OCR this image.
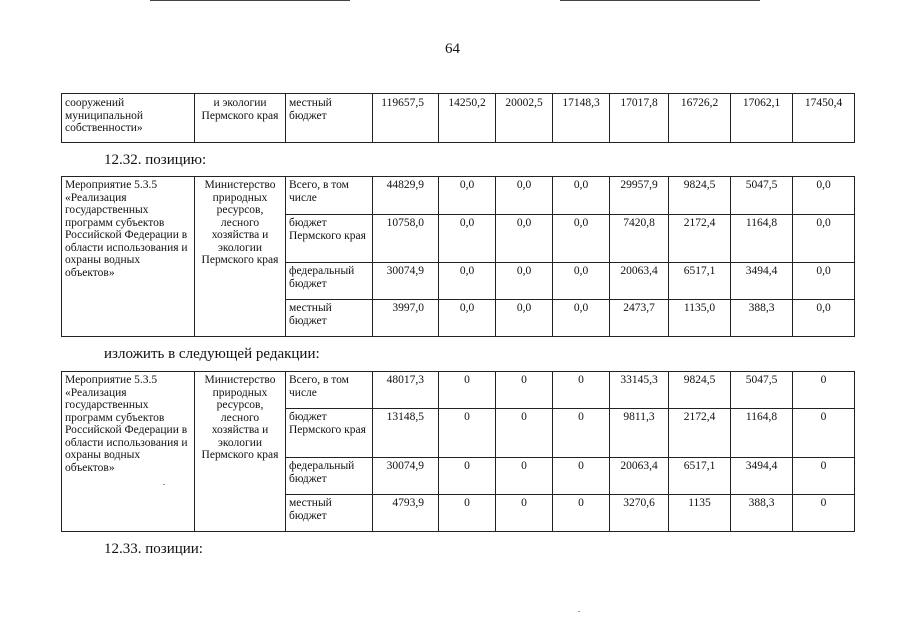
64
сооружений муниципальной собственности»	и экологии Пермского края	местный бюджет	119657,5	14250,2	20002,5	17148,3	17017,8	16726,2	17062,1	17450,4
12.32. позицию:
Мероприятие 5.3.5 «Реализация государственных программ субъектов Российской Федерации в области использования и охраны водных объектов»	Министерство природных ресурсов, лесного хозяйства и экологии Пермского края	Всего, в том числе	44829,9	0,0	0,0	0,0	29957,9	9824,5	5047,5	0,0
		бюджет Пермского края	10758,0	0,0	0,0	0,0	7420,8	2172,4	1164,8	0,0
		федеральный бюджет	30074,9	0,0	0,0	0,0	20063,4	6517,1	3494,4	0,0
		местный бюджет	3997,0	0,0	0,0	0,0	2473,7	1135,0	388,3	0,0
изложить в следующей редакции:
Мероприятие 5.3.5 «Реализация государственных программ субъектов Российской Федерации в области использования и охраны водных объектов»	Министерство природных ресурсов, лесного хозяйства и экологии Пермского края	Всего, в том числе	48017,3	0	0	0	33145,3	9824,5	5047,5	0
		бюджет Пермского края	13148,5	0	0	0	9811,3	2172,4	1164,8	0
		федеральный бюджет	30074,9	0	0	0	20063,4	6517,1	3494,4	0
		местный бюджет	4793,9	0	0	0	3270,6	1135	388,3	0
12.33. позиции:
